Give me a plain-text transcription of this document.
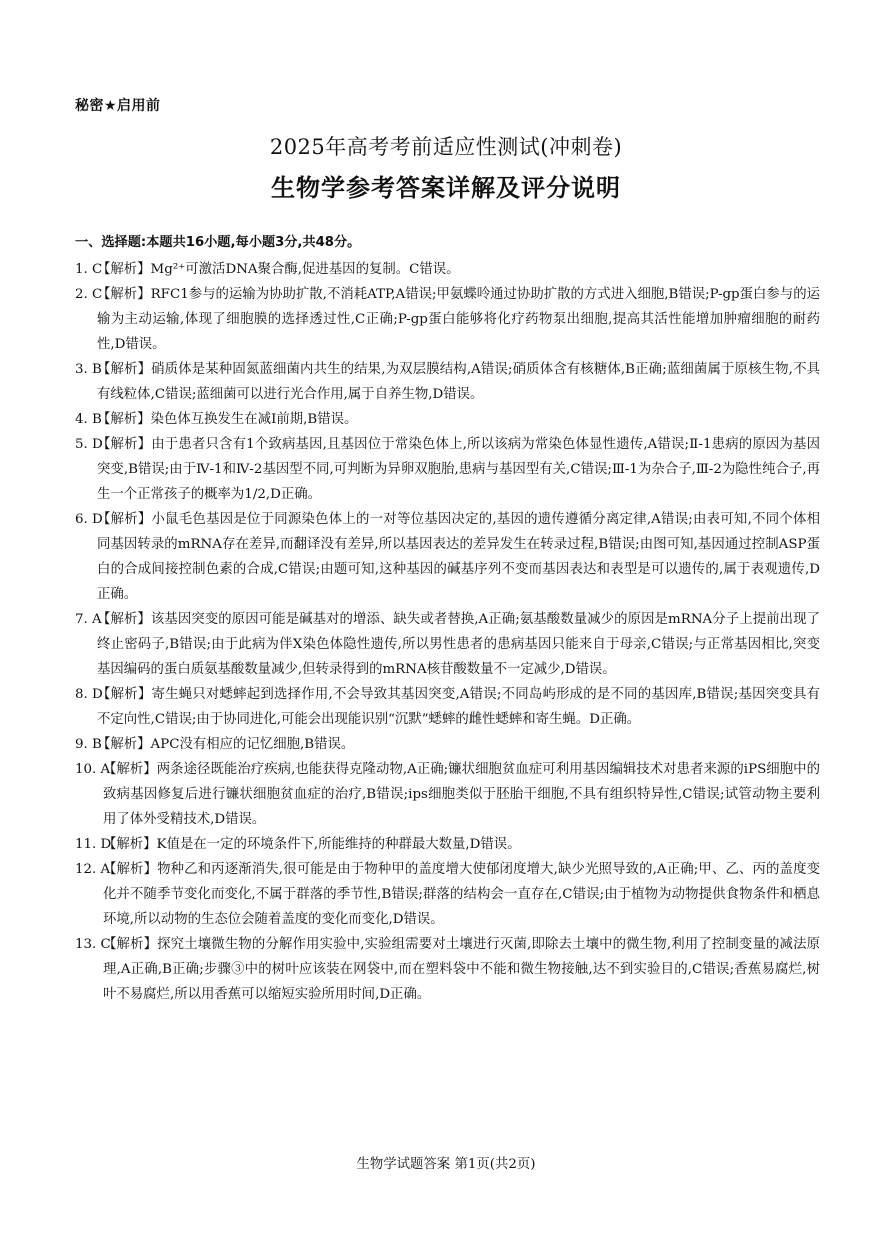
秘密★启用前
2025年高考考前适应性测试(冲刺卷)
生物学参考答案详解及评分说明
一、选择题:本题共16小题,每小题3分,共48分。
1. C
【解析】Mg²⁺可激活DNA聚合酶,促进基因的复制。C错误。
2. C
【解析】RFC1参与的运输为协助扩散,不消耗ATP,A错误;甲氨蝶呤通过协助扩散的方式进入细胞,B错误;P-gp蛋白参与的运输为主动运输,体现了细胞膜的选择透过性,C正确;P-gp蛋白能够将化疗药物泵出细胞,提高其活性能增加肿瘤细胞的耐药性,D错误。
3. B
【解析】硝质体是某种固氮蓝细菌内共生的结果,为双层膜结构,A错误;硝质体含有核糖体,B正确;蓝细菌属于原核生物,不具有线粒体,C错误;蓝细菌可以进行光合作用,属于自养生物,D错误。
4. B
【解析】染色体互换发生在减Ⅰ前期,B错误。
5. D
【解析】由于患者只含有1个致病基因,且基因位于常染色体上,所以该病为常染色体显性遗传,A错误;Ⅱ-1患病的原因为基因突变,B错误;由于Ⅳ-1和Ⅳ-2基因型不同,可判断为异卵双胞胎,患病与基因型有关,C错误;Ⅲ-1为杂合子,Ⅲ-2为隐性纯合子,再生一个正常孩子的概率为1/2,D正确。
6. D
【解析】小鼠毛色基因是位于同源染色体上的一对等位基因决定的,基因的遗传遵循分离定律,A错误;由表可知,不同个体相同基因转录的mRNA存在差异,而翻译没有差异,所以基因表达的差异发生在转录过程,B错误;由图可知,基因通过控制ASP蛋白的合成间接控制色素的合成,C错误;由题可知,这种基因的碱基序列不变而基因表达和表型是可以遗传的,属于表观遗传,D正确。
7. A
【解析】该基因突变的原因可能是碱基对的增添、缺失或者替换,A正确;氨基酸数量减少的原因是mRNA分子上提前出现了终止密码子,B错误;由于此病为伴X染色体隐性遗传,所以男性患者的患病基因只能来自于母亲,C错误;与正常基因相比,突变基因编码的蛋白质氨基酸数量减少,但转录得到的mRNA核苷酸数量不一定减少,D错误。
8. D
【解析】寄生蝇只对蟋蟀起到选择作用,不会导致其基因突变,A错误;不同岛屿形成的是不同的基因库,B错误;基因突变具有不定向性,C错误;由于协同进化,可能会出现能识别“沉默”蟋蟀的雌性蟋蟀和寄生蝇。D正确。
9. B
【解析】APC没有相应的记忆细胞,B错误。
10. A
【解析】两条途径既能治疗疾病,也能获得克隆动物,A正确;镰状细胞贫血症可利用基因编辑技术对患者来源的iPS细胞中的致病基因修复后进行镰状细胞贫血症的治疗,B错误;ips细胞类似于胚胎干细胞,不具有组织特异性,C错误;试管动物主要利用了体外受精技术,D错误。
11. D
【解析】K值是在一定的环境条件下,所能维持的种群最大数量,D错误。
12. A
【解析】物种乙和丙逐渐消失,很可能是由于物种甲的盖度增大使郁闭度增大,缺少光照导致的,A正确;甲、乙、丙的盖度变化并不随季节变化而变化,不属于群落的季节性,B错误;群落的结构会一直存在,C错误;由于植物为动物提供食物条件和栖息环境,所以动物的生态位会随着盖度的变化而变化,D错误。
13. C
【解析】探究土壤微生物的分解作用实验中,实验组需要对土壤进行灭菌,即除去土壤中的微生物,利用了控制变量的减法原理,A正确,B正确;步骤③中的树叶应该装在网袋中,而在塑料袋中不能和微生物接触,达不到实验目的,C错误;香蕉易腐烂,树叶不易腐烂,所以用香蕉可以缩短实验所用时间,D正确。
生物学试题答案 第1页(共2页)
